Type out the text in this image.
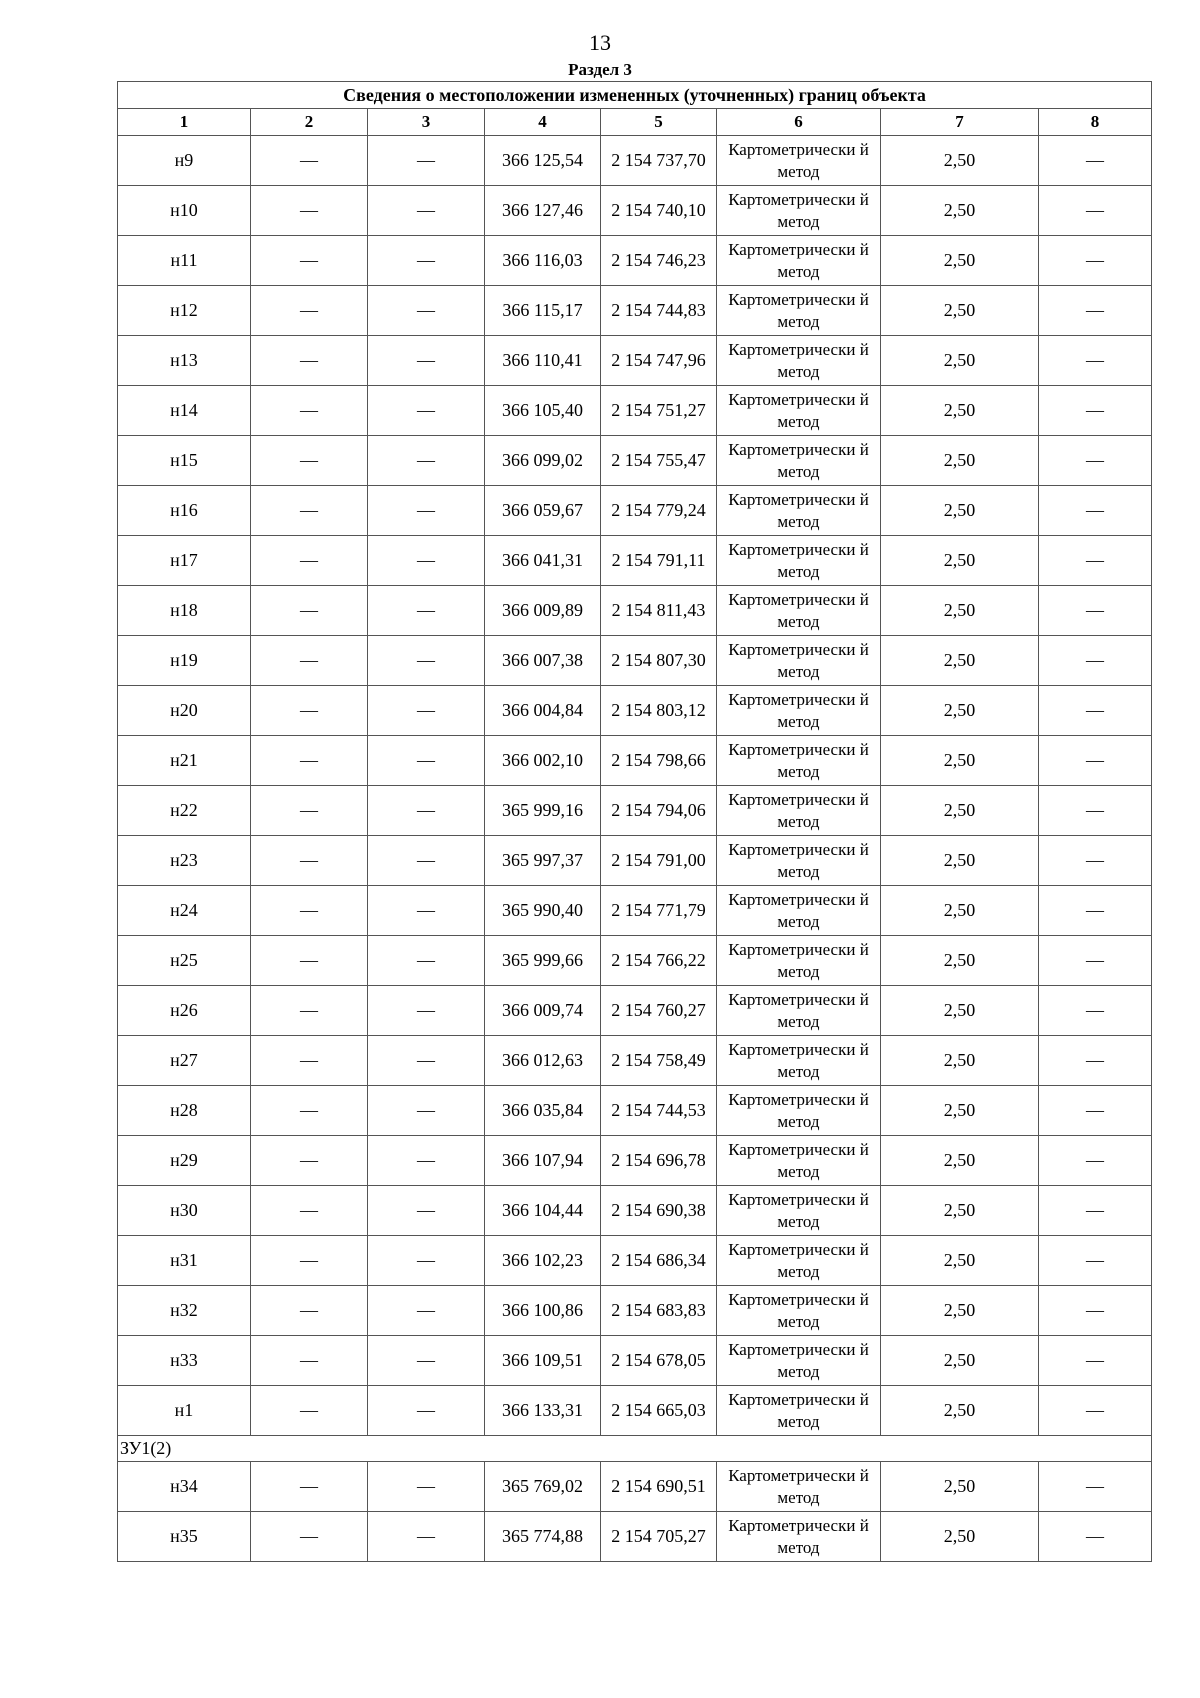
13
Раздел 3
Сведения о местоположении измененных (уточненных) границ объекта							
1	2	3	4	5	6	7	8
н9	—	—	366 125,54	2 154 737,70	Картометрически й метод	2,50	—
н10	—	—	366 127,46	2 154 740,10	Картометрически й метод	2,50	—
н11	—	—	366 116,03	2 154 746,23	Картометрически й метод	2,50	—
н12	—	—	366 115,17	2 154 744,83	Картометрически й метод	2,50	—
н13	—	—	366 110,41	2 154 747,96	Картометрически й метод	2,50	—
н14	—	—	366 105,40	2 154 751,27	Картометрически й метод	2,50	—
н15	—	—	366 099,02	2 154 755,47	Картометрически й метод	2,50	—
н16	—	—	366 059,67	2 154 779,24	Картометрически й метод	2,50	—
н17	—	—	366 041,31	2 154 791,11	Картометрически й метод	2,50	—
н18	—	—	366 009,89	2 154 811,43	Картометрически й метод	2,50	—
н19	—	—	366 007,38	2 154 807,30	Картометрически й метод	2,50	—
н20	—	—	366 004,84	2 154 803,12	Картометрически й метод	2,50	—
н21	—	—	366 002,10	2 154 798,66	Картометрически й метод	2,50	—
н22	—	—	365 999,16	2 154 794,06	Картометрически й метод	2,50	—
н23	—	—	365 997,37	2 154 791,00	Картометрически й метод	2,50	—
н24	—	—	365 990,40	2 154 771,79	Картометрически й метод	2,50	—
н25	—	—	365 999,66	2 154 766,22	Картометрически й метод	2,50	—
н26	—	—	366 009,74	2 154 760,27	Картометрически й метод	2,50	—
н27	—	—	366 012,63	2 154 758,49	Картометрически й метод	2,50	—
н28	—	—	366 035,84	2 154 744,53	Картометрически й метод	2,50	—
н29	—	—	366 107,94	2 154 696,78	Картометрически й метод	2,50	—
н30	—	—	366 104,44	2 154 690,38	Картометрически й метод	2,50	—
н31	—	—	366 102,23	2 154 686,34	Картометрически й метод	2,50	—
н32	—	—	366 100,86	2 154 683,83	Картометрически й метод	2,50	—
н33	—	—	366 109,51	2 154 678,05	Картометрически й метод	2,50	—
н1	—	—	366 133,31	2 154 665,03	Картометрически й метод	2,50	—
ЗУ1(2)							
н34	—	—	365 769,02	2 154 690,51	Картометрически й метод	2,50	—
н35	—	—	365 774,88	2 154 705,27	Картометрически й метод	2,50	—
